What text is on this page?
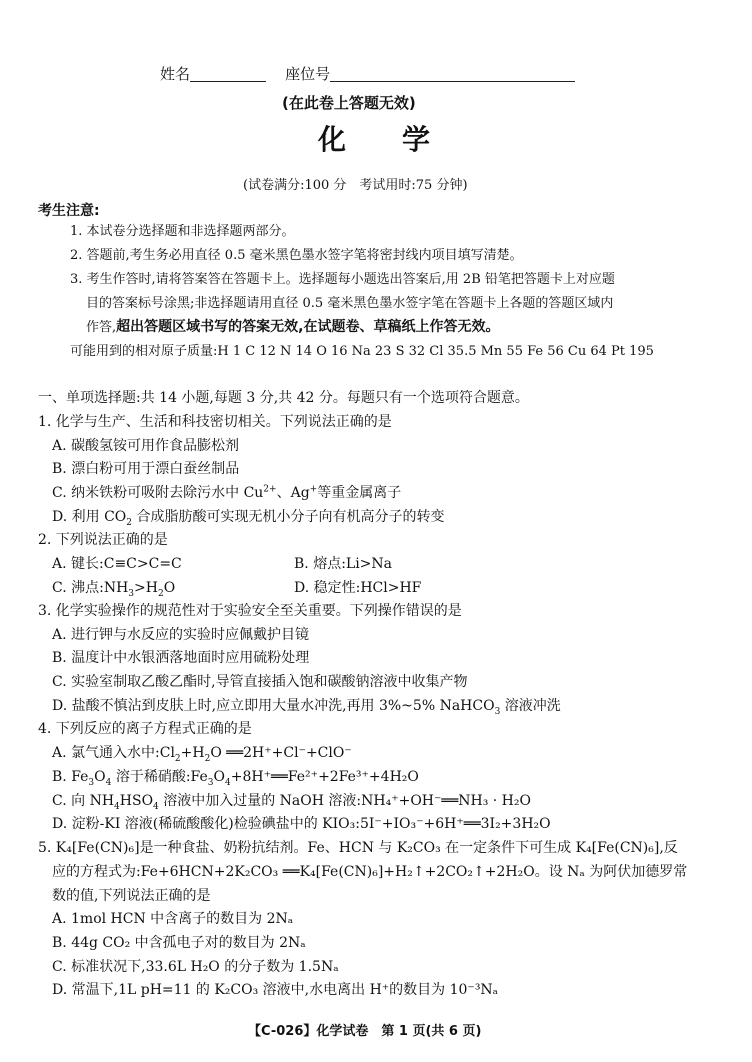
姓名	座位号
(在此卷上答题无效)
化　　学
(试卷满分:100 分　考试用时:75 分钟)
考生注意:
1. 本试卷分选择题和非选择题两部分。
2. 答题前,考生务必用直径 0.5 毫米黑色墨水签字笔将密封线内项目填写清楚。
3. 考生作答时,请将答案答在答题卡上。选择题每小题选出答案后,用 2B 铅笔把答题卡上对应题
目的答案标号涂黑;非选择题请用直径 0.5 毫米黑色墨水签字笔在答题卡上各题的答题区域内
作答,超出答题区域书写的答案无效,在试题卷、草稿纸上作答无效。
可能用到的相对原子质量:H 1 C 12 N 14 O 16 Na 23 S 32 Cl 35.5 Mn 55 Fe 56 Cu 64 Pt 195
一、单项选择题:共 14 小题,每题 3 分,共 42 分。每题只有一个选项符合题意。
1. 化学与生产、生活和科技密切相关。下列说法正确的是
A. 碳酸氢铵可用作食品膨松剂
B. 漂白粉可用于漂白蚕丝制品
C. 纳米铁粉可吸附去除污水中 $Cu^{2+}$、Ag+等重金属离子
D. 利用 $CO_2$ 合成脂肪酸可实现无机小分子向有机高分子的转变
2. 下列说法正确的是
A. 键长:C≡C>C=C	B. 熔点:Li>Na
C. 沸点$:NH_3>H_2O$	D. 稳定性:HCl>HF
3. 化学实验操作的规范性对于实验安全至关重要。下列操作错误的是
A. 进行钾与水反应的实验时应佩戴护目镜
B. 温度计中水银洒落地面时应用硫粉处理
C. 实验室制取乙酸乙酯时,导管直接插入饱和碳酸钠溶液中收集产物
D. 盐酸不慎沾到皮肤上时,应立即用大量水冲洗,再用 3%~5% NaHCO$_3$ 溶液冲洗
4. 下列反应的离子方程式正确的是
A. 氯气通入水中$:Cl_2+H_2O$ ══2H⁺+Cl⁻+ClO⁻
B. $Fe_3O_4$ 溶于稀硝酸$:Fe_3O_4+8H^+══Fe^{2+}+2Fe^{3+}+4H_2O$
C. 向 $NH_4HSO_4$ 溶液中加入过量的 NaOH 溶液:NH₄⁺+OH⁻══NH₃ · H₂O
D. 淀粉-KI 溶液(稀硫酸酸化)检验碘盐中的 KIO₃:5I⁻+IO₃⁻+6H⁺══3I₂+3H₂O
5. K₄[Fe(CN)₆]是一种食盐、奶粉抗结剂。Fe、HCN 与 K₂CO₃ 在一定条件下可生成 K₄[Fe(CN)₆],反
应的方程式为:Fe+6HCN+2K₂CO₃ ══K₄[Fe(CN)₆]+H₂↑+2CO₂↑+2H₂O。设 Nₐ 为阿伏加德罗常
数的值,下列说法正确的是
A. 1mol HCN 中含离子的数目为 2Nₐ
B. 44g CO₂ 中含孤电子对的数目为 2Nₐ
C. 标准状况下,33.6L H₂O 的分子数为 1.5Nₐ
D. 常温下,1L pH=11 的 K₂CO₃ 溶液中,水电离出 H⁺的数目为 10⁻³Nₐ
【C-026】化学试卷　第 1 页(共 6 页)
